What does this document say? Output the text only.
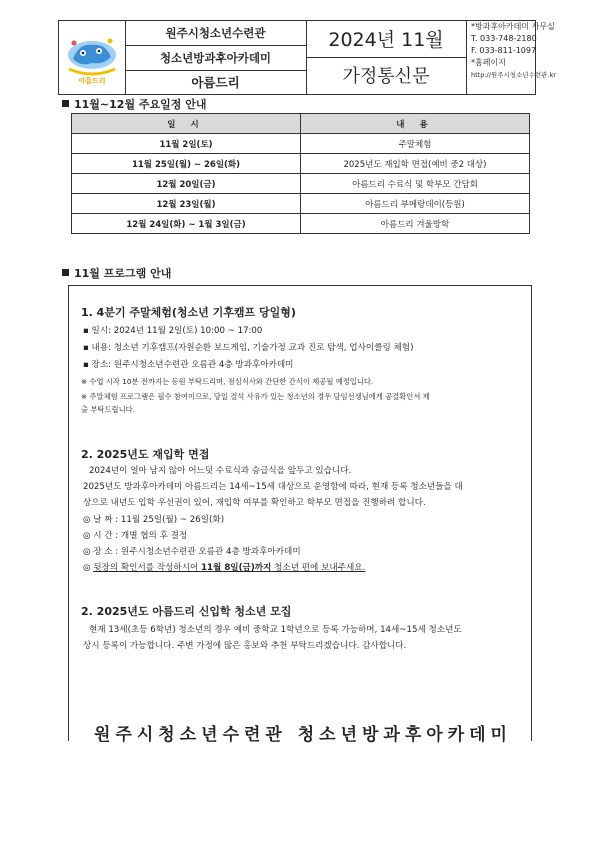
아름드리
원주시청소년수련관
청소년방과후아카데미
아름드리
2024년 11월
가정통신문
*방과후아카데미 사무실
T. 033-748-2180
F. 033-811-1097
*홈페이지
http://원주시청소년수련관.kr
11월~12월 주요일정 안내
일 시	내 용
11월 2일(토)	주말체험
11월 25일(월) ~ 26일(화)	2025년도 재입학 면접(예비 중2 대상)
12월 20일(금)	아름드리 수료식 및 학부모 간담회
12월 23일(월)	아름드리 부메랑데이(등원)
12월 24일(화) ~ 1월 3일(금)	아름드리 겨울방학
11월 프로그램 안내
1. 4분기 주말체험(청소년 기후캠프 당일형)
▪ 일시: 2024년 11월 2일(토) 10:00 ~ 17:00
▪ 내용: 청소년 기후캠프(자원순환 보드게임, 기술가정 교과 진로 탐색, 업사이클링 체험)
▪ 장소: 원주시청소년수련관 오름관 4층 방과후아카데미
※ 수업 시작 10분 전까지는 등원 부탁드리며, 점심식사와 간단한 간식이 제공될 예정입니다.
※ 주말체험 프로그램은 필수 참여이므로, 당일 결석 사유가 있는 청소년의 경우 담임선생님에게 공결확인서 제
출 부탁드립니다.
2. 2025년도 재입학 면접
2024년이 얼마 남지 않아 어느덧 수료식과 승급식을 앞두고 있습니다.
2025년도 방과후아카데미 아름드리는 14세~15세 대상으로 운영함에 따라, 현재 등록 청소년들을 대
상으로 내년도 입학 우선권이 있어, 재입학 여부를 확인하고 학부모 면접을 진행하려 합니다.
◎ 날 짜 : 11월 25일(월) ~ 26일(화)
◎ 시 간 : 개별 협의 후 결정
◎ 장 소 : 원주시청소년수련관 오름관 4층 방과후아카데미
◎ 뒷장의 확인서를 작성하시어 11월 8일(금)까지 청소년 편에 보내주세요.
2. 2025년도 아름드리 신입학 청소년 모집
현재 13세(초등 6학년) 청소년의 경우 예비 중학교 1학년으로 등록 가능하며, 14세~15세 청소년도
상시 등록이 가능합니다. 주변 가정에 많은 홍보와 추천 부탁드리겠습니다. 감사합니다.
원주시청소년수련관 청소년방과후아카데미
